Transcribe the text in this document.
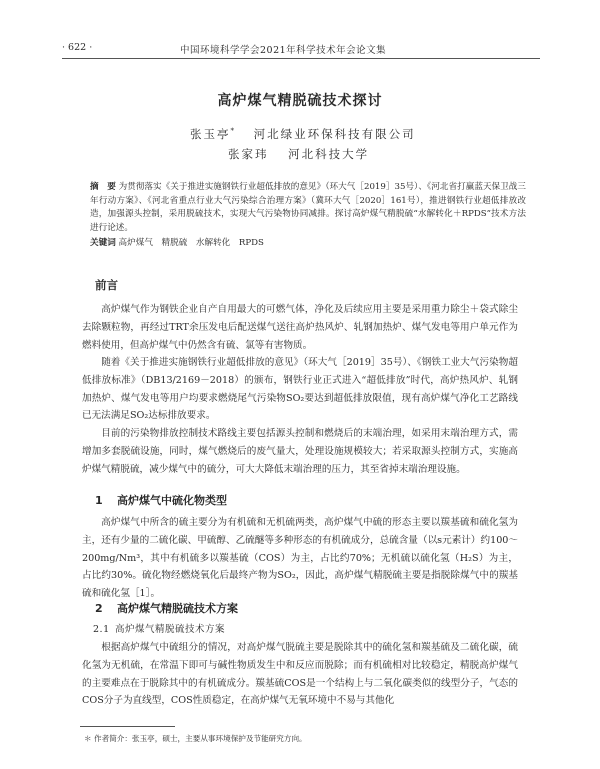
· 622 ·	中国环境科学学会2021年科学技术年会论文集
高炉煤气精脱硫技术探讨
张玉亭* 河北绿业环保科技有限公司
张家玮 河北科技大学
摘　要 为贯彻落实《关于推进实施钢铁行业超低排放的意见》（环大气［2019］35号）、《河北省打赢蓝天保卫战三年行动方案》、《河北省重点行业大气污染综合治理方案》（冀环大气［2020］161号），推进钢铁行业超低排放改造，加强源头控制，采用脱硫技术，实现大气污染物协同减排。探讨高炉煤气精脱硫“水解转化＋RPDS”技术方法进行论述。
关键词 高炉煤气　精脱硫　水解转化　RPDS
前言
高炉煤气作为钢铁企业自产自用最大的可燃气体，净化及后续应用主要是采用重力除尘＋袋式除尘去除颗粒物，再经过TRT余压发电后配送煤气送往高炉热风炉、轧钢加热炉、煤气发电等用户单元作为燃料使用，但高炉煤气中仍然含有硫、氯等有害物质。
随着《关于推进实施钢铁行业超低排放的意见》（环大气［2019］35号）、《钢铁工业大气污染物超低排放标准》（DB13/2169－2018）的颁布，钢铁行业正式进入“超低排放”时代，高炉热风炉、轧钢加热炉、煤气发电等用户均要求燃烧尾气污染物SO₂要达到超低排放限值，现有高炉煤气净化工艺路线已无法满足SO₂达标排放要求。
目前的污染物排放控制技术路线主要包括源头控制和燃烧后的末端治理，如采用末端治理方式，需增加多套脱硫设施，同时，煤气燃烧后的废气量大，处理设施规模较大；若采取源头控制方式，实施高炉煤气精脱硫，减少煤气中的硫分，可大大降低末端治理的压力，其至省掉末端治理设施。
1 高炉煤气中硫化物类型
高炉煤气中所含的硫主要分为有机硫和无机硫两类，高炉煤气中硫的形态主要以羰基硫和硫化氢为主，还有少量的二硫化碳、甲硫醇、乙硫醚等多种形态的有机硫成分，总硫含量（以s元素计）约100～200mg/Nm³，其中有机硫多以羰基硫（COS）为主，占比约70%；无机硫以硫化氢（H₂S）为主，占比约30%。硫化物经燃烧氧化后最终产物为SO₂，因此，高炉煤气精脱硫主要是指脱除煤气中的羰基硫和硫化氢［1］。
2 高炉煤气精脱硫技术方案
2.1 高炉煤气精脱硫技术方案
根据高炉煤气中硫组分的情况，对高炉煤气脱硫主要是脱除其中的硫化氢和羰基硫及二硫化碳，硫化氢为无机硫，在常温下即可与碱性物质发生中和反应而脱除；而有机硫相对比较稳定，精脱高炉煤气的主要难点在于脱除其中的有机硫成分。羰基硫COS是一个结构上与二氧化碳类似的线型分子，气态的COS分子为直线型，COS性质稳定，在高炉煤气无氧环境中不易与其他化
＊ 作者简介：张玉亭，硕士，主要从事环境保护及节能研究方向。
